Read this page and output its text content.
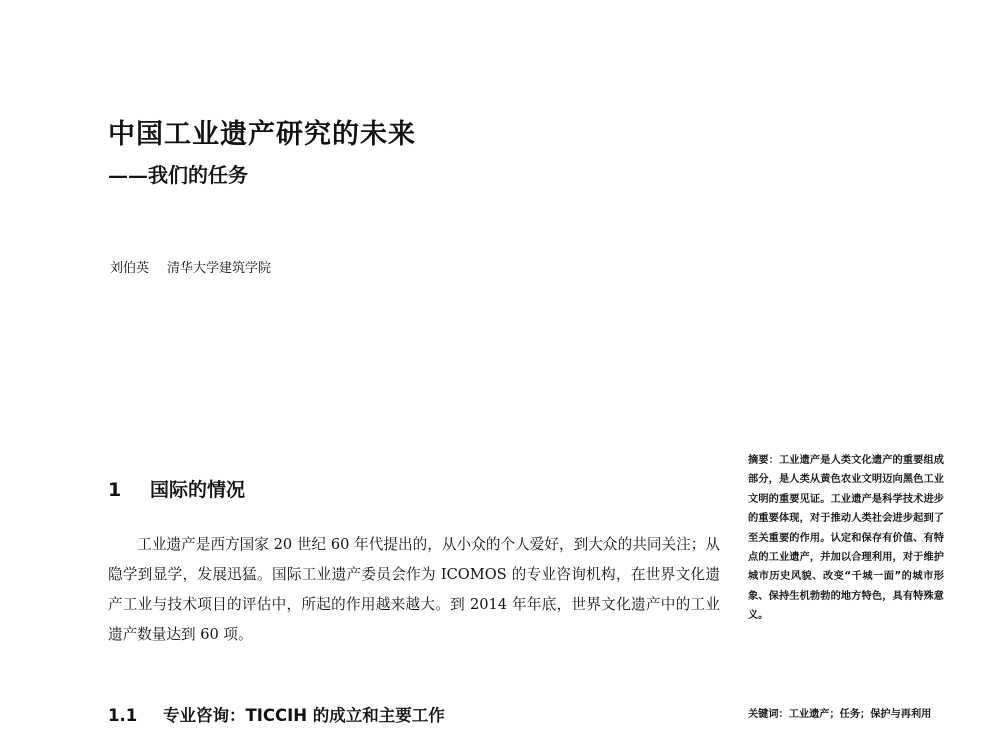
中国工业遗产研究的未来
——我们的任务
刘伯英 清华大学建筑学院
1 国际的情况
工业遗产是西方国家 20 世纪 60 年代提出的，从小众的个人爱好，到大众的共同关注；从隐学到显学，发展迅猛。国际工业遗产委员会作为 ICOMOS 的专业咨询机构，在世界文化遗产工业与技术项目的评估中，所起的作用越来越大。到 2014 年年底，世界文化遗产中的工业遗产数量达到 60 项。
1.1 专业咨询：TICCIH 的成立和主要工作
摘要：工业遗产是人类文化遗产的重要组成部分，是人类从黄色农业文明迈向黑色工业文明的重要见证。工业遗产是科学技术进步的重要体现，对于推动人类社会进步起到了至关重要的作用。认定和保存有价值、有特点的工业遗产，并加以合理利用，对于维护城市历史风貌、改变“千城一面”的城市形象、保持生机勃勃的地方特色，具有特殊意义。
关键词：工业遗产；任务；保护与再利用
